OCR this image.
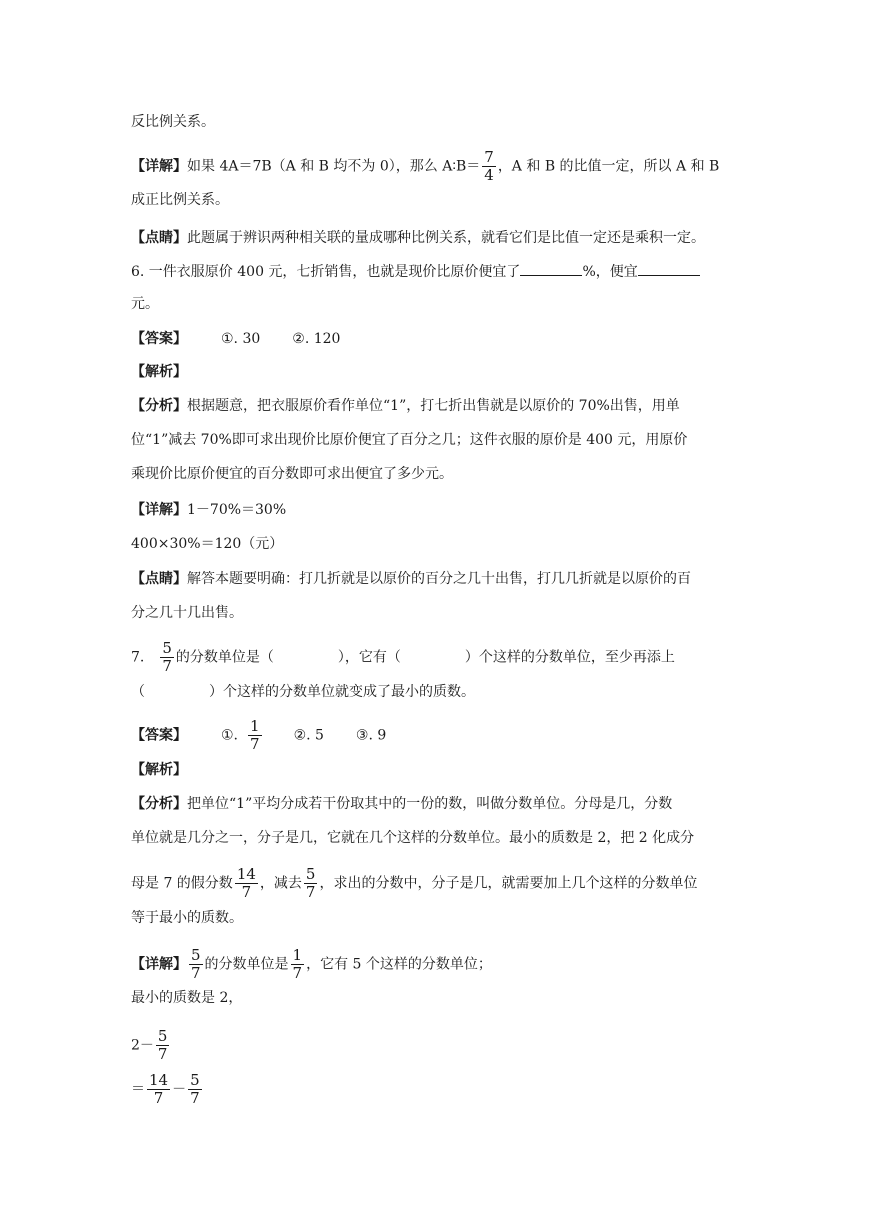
反比例关系。
【详解】如果 4A＝7B（A 和 B 均不为 0），那么 A∶B＝ $\frac{7}{4}$ ，A 和 B 的比值一定，所以 A 和 B
成正比例关系。
【点睛】此题属于辨识两种相关联的量成哪种比例关系，就看它们是比值一定还是乘积一定。
6. 一件衣服原价 400 元，七折销售，也就是现价比原价便宜了	%，便宜
元。
【答案】 ①. 30 ②. 120
【解析】
【分析】根据题意，把衣服原价看作单位“1”，打七折出售就是以原价的 70%出售，用单
位“1”减去 70%即可求出现价比原价便宜了百分之几；这件衣服的原价是 400 元，用原价
乘现价比原价便宜的百分数即可求出便宜了多少元。
【详解】1－70%＝30%
400×30%＝120（元）
【点睛】解答本题要明确：打几折就是以原价的百分之几十出售，打几几折就是以原价的百
分之几十几出售。
7. $\frac{5}{7}$ 的分数单位是（	），它有（	）个这样的分数单位，至少再添上
（	）个这样的分数单位就变成了最小的质数。
【答案】 ①. $\frac{1}{7}$ ②. 5 ③. 9
【解析】
【分析】把单位“1”平均分成若干份取其中的一份的数，叫做分数单位。分母是几，分数
单位就是几分之一，分子是几，它就在几个这样的分数单位。最小的质数是 2，把 2 化成分
母是 7 的假分数 $\frac{14}{7}$ ，减去 $\frac{5}{7}$ ，求出的分数中，分子是几，就需要加上几个这样的分数单位
等于最小的质数。
【详解】 $\frac{5}{7}$ 的分数单位是 $\frac{1}{7}$ ，它有 5 个这样的分数单位；
最小的质数是 2，
$2- \frac{5}{7}$
＝ $\frac{14}{7} - \frac{5}{7}$
